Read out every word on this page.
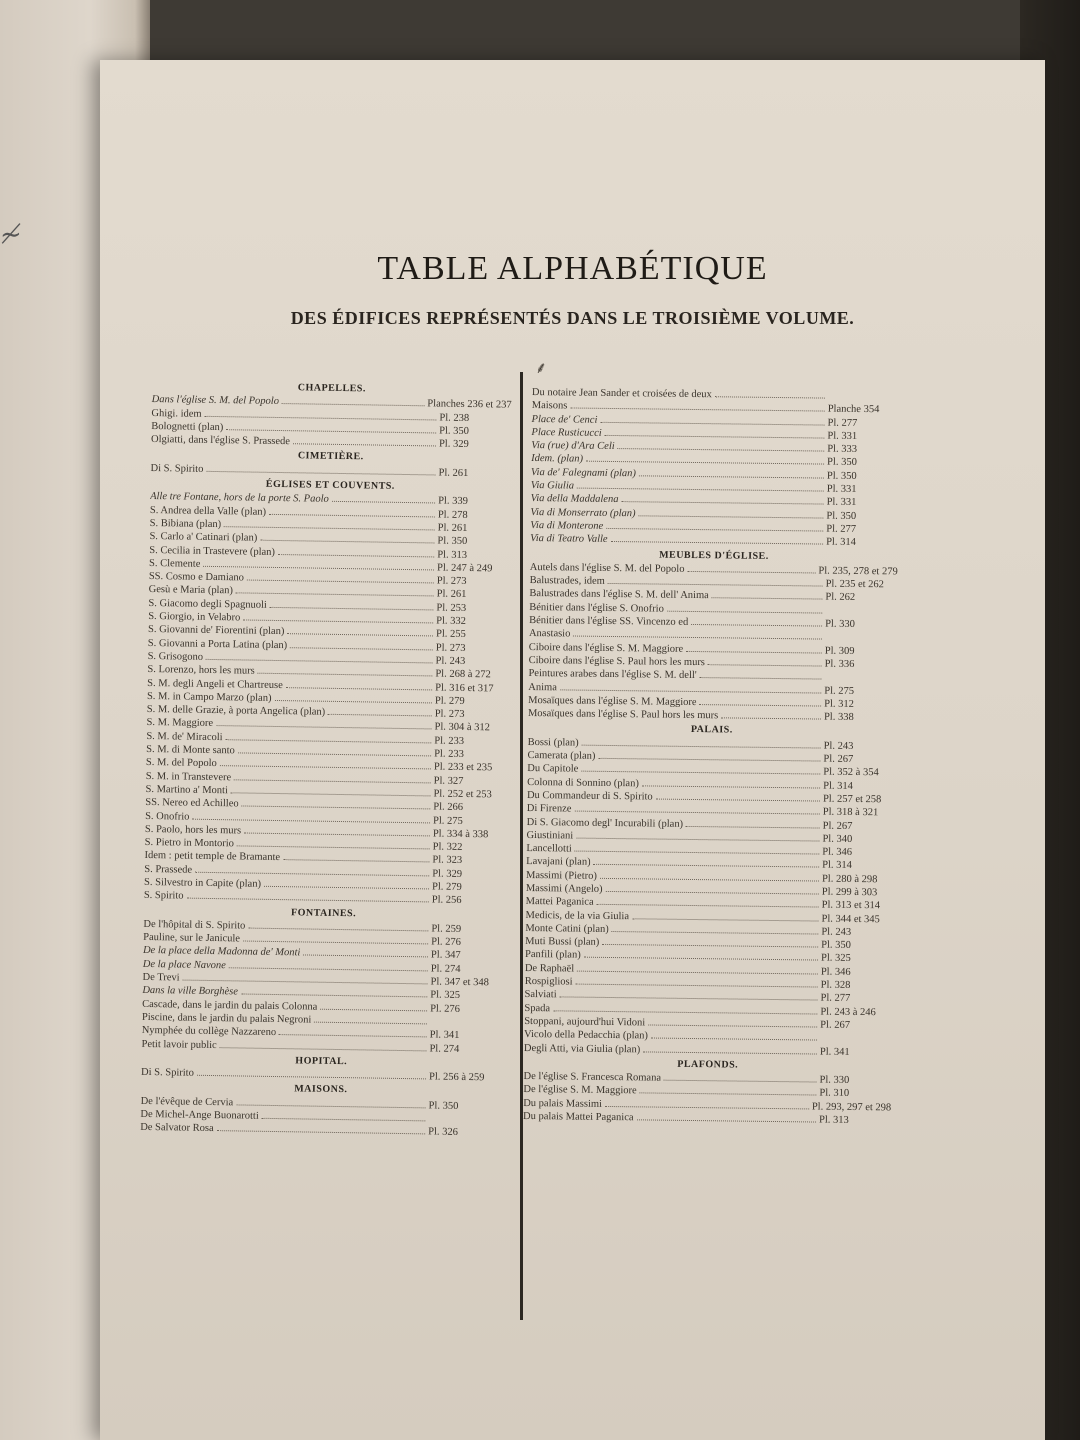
≁
TABLE ALPHABÉTIQUE
DES ÉDIFICES REPRÉSENTÉS DANS LE TROISIÈME VOLUME.
⸙
CHAPELLES.
Dans l'église S. M. del Popolo	Planches 236 et 237
Ghigi. idem	Pl. 238
Bolognetti (plan)	Pl. 350
Olgiatti, dans l'église S. Prassede	Pl. 329
CIMETIÈRE.
Di S. Spirito	Pl. 261
ÉGLISES ET COUVENTS.
Alle tre Fontane, hors de la porte S. Paolo	Pl. 339
S. Andrea della Valle (plan)	Pl. 278
S. Bibiana (plan)	Pl. 261
S. Carlo a' Catinari (plan)	Pl. 350
S. Cecilia in Trastevere (plan)	Pl. 313
S. Clemente	Pl. 247 à 249
SS. Cosmo e Damiano	Pl. 273
Gesù e Maria (plan)	Pl. 261
S. Giacomo degli Spagnuoli	Pl. 253
S. Giorgio, in Velabro	Pl. 332
S. Giovanni de' Fiorentini (plan)	Pl. 255
S. Giovanni a Porta Latina (plan)	Pl. 273
S. Grisogono	Pl. 243
S. Lorenzo, hors les murs	Pl. 268 à 272
S. M. degli Angeli et Chartreuse	Pl. 316 et 317
S. M. in Campo Marzo (plan)	Pl. 279
S. M. delle Grazie, à porta Angelica (plan)	Pl. 273
S. M. Maggiore	Pl. 304 à 312
S. M. de' Miracoli	Pl. 233
S. M. di Monte santo	Pl. 233
S. M. del Popolo	Pl. 233 et 235
S. M. in Transtevere	Pl. 327
S. Martino a' Monti	Pl. 252 et 253
SS. Nereo ed Achilleo	Pl. 266
S. Onofrio	Pl. 275
S. Paolo, hors les murs	Pl. 334 à 338
S. Pietro in Montorio	Pl. 322
Idem : petit temple de Bramante	Pl. 323
S. Prassede	Pl. 329
S. Silvestro in Capite (plan)	Pl. 279
S. Spirito	Pl. 256
FONTAINES.
De l'hôpital di S. Spirito	Pl. 259
Pauline, sur le Janicule	Pl. 276
De la place della Madonna de' Monti	Pl. 347
De la place Navone	Pl. 274
De Trevi	Pl. 347 et 348
Dans la ville Borghèse	Pl. 325
Cascade, dans le jardin du palais Colonna	Pl. 276
Piscine, dans le jardin du palais Negroni
Nymphée du collège Nazzareno	Pl. 341
Petit lavoir public	Pl. 274
HOPITAL.
Di S. Spirito	Pl. 256 à 259
MAISONS.
De l'évêque de Cervia	Pl. 350
De Michel-Ange Buonarotti
De Salvator Rosa	Pl. 326
Du notaire Jean Sander et croisées de deux
Maisons	Planche 354
Place de' Cenci	Pl. 277
Place Rusticucci	Pl. 331
Via (rue) d'Ara Celi	Pl. 333
Idem. (plan)	Pl. 350
Via de' Falegnami (plan)	Pl. 350
Via Giulia	Pl. 331
Via della Maddalena	Pl. 331
Via di Monserrato (plan)	Pl. 350
Via di Monterone	Pl. 277
Via di Teatro Valle	Pl. 314
MEUBLES D'ÉGLISE.
Autels dans l'église S. M. del Popolo	Pl. 235, 278 et 279
Balustrades, idem	Pl. 235 et 262
Balustrades dans l'église S. M. dell' Anima	Pl. 262
Bénitier dans l'église S. Onofrio
Bénitier dans l'église SS. Vincenzo ed	Pl. 330
Anastasio
Ciboire dans l'église S. M. Maggiore	Pl. 309
Ciboire dans l'église S. Paul hors les murs	Pl. 336
Peintures arabes dans l'église S. M. dell'
Anima	Pl. 275
Mosaïques dans l'église S. M. Maggiore	Pl. 312
Mosaïques dans l'église S. Paul hors les murs	Pl. 338
PALAIS.
Bossi (plan)	Pl. 243
Camerata (plan)	Pl. 267
Du Capitole	Pl. 352 à 354
Colonna di Sonnino (plan)	Pl. 314
Du Commandeur di S. Spirito	Pl. 257 et 258
Di Firenze	Pl. 318 à 321
Di S. Giacomo degl' Incurabili (plan)	Pl. 267
Giustiniani	Pl. 340
Lancellotti	Pl. 346
Lavajani (plan)	Pl. 314
Massimi (Pietro)	Pl. 280 à 298
Massimi (Angelo)	Pl. 299 à 303
Mattei Paganica	Pl. 313 et 314
Medicis, de la via Giulia	Pl. 344 et 345
Monte Catini (plan)	Pl. 243
Muti Bussi (plan)	Pl. 350
Panfili (plan)	Pl. 325
De Raphaël	Pl. 346
Rospigliosi	Pl. 328
Salviati	Pl. 277
Spada	Pl. 243 à 246
Stoppani, aujourd'hui Vidoni	Pl. 267
Vicolo della Pedacchia (plan)
Degli Atti, via Giulia (plan)	Pl. 341
PLAFONDS.
De l'église S. Francesca Romana	Pl. 330
De l'église S. M. Maggiore	Pl. 310
Du palais Massimi	Pl. 293, 297 et 298
Du palais Mattei Paganica	Pl. 313
